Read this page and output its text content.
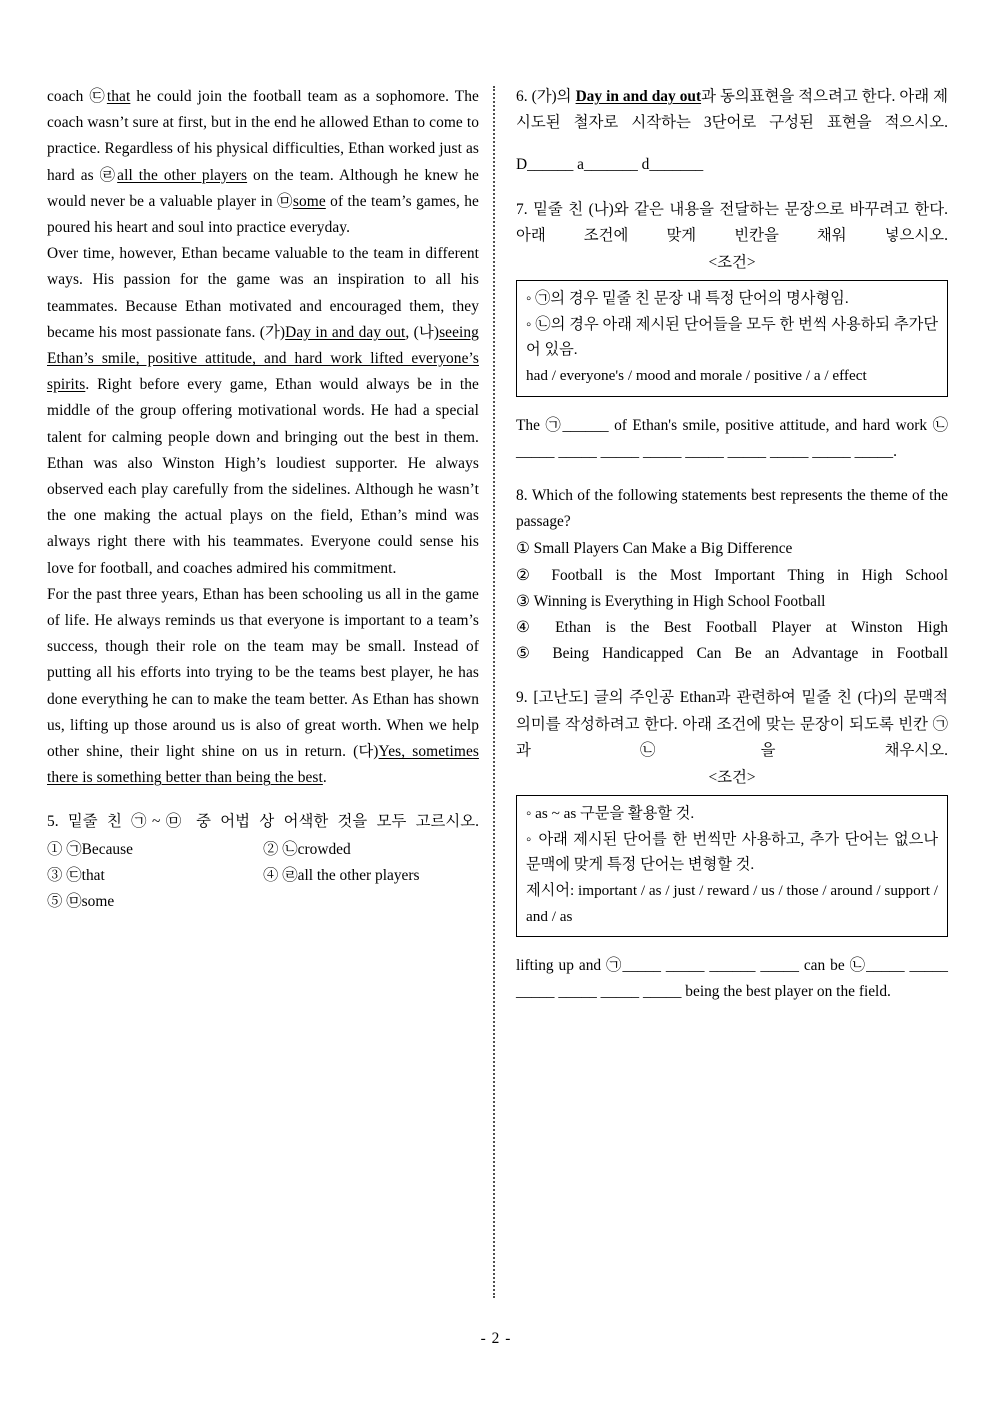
coach ㉢that he could join the football team as a sophomore. The coach wasn’t sure at first, but in the end he allowed Ethan to come to practice. Regardless of his physical difficulties, Ethan worked just as hard as ㉣all the other players on the team. Although he knew he would never be a valuable player in ㉤some of the team’s games, he poured his heart and soul into practice everyday.

Over time, however, Ethan became valuable to the team in different ways. His passion for the game was an inspiration to all his teammates. Because Ethan motivated and encouraged them, they became his most passionate fans. (가)Day in and day out, (나)seeing Ethan’s smile, positive attitude, and hard work lifted everyone’s spirits. Right before every game, Ethan would always be in the middle of the group offering motivational words. He had a special talent for calming people down and bringing out the best in them. Ethan was also Winston High’s loudiest supporter. He always observed each play carefully from the sidelines. Although he wasn’t the one making the actual plays on the field, Ethan’s mind was always right there with his teammates. Everyone could sense his love for football, and coaches admired his commitment.

For the past three years, Ethan has been schooling us all in the game of life. He always reminds us that everyone is important to a team’s success, though their role on the team may be small. Instead of putting all his efforts into trying to be the teams best player, he has done everything he can to make the team better. As Ethan has shown us, lifting up those around us is also of great worth. When we help other shine, their light shine on us in return. (다)Yes, sometimes there is something better than being the best.

5. 밑줄 친 ㉠~㉤ 중 어법 상 어색한 것을 모두 고르시오.
① ㉠Because	② ㉡crowded
③ ㉢that	④ ㉣all the other players
⑤ ㉤some
6. (가)의 Day in and day out과 동의표현을 적으려고 한다. 아래 제시도된 철자로 시작하는 3단어로 구성된 표현을 적으시오.
D______ a_______ d_______
7. 밑줄 친 (나)와 같은 내용을 전달하는 문장으로 바꾸려고 한다. 아래 조건에 맞게 빈칸을 채워 넣으시오.
<조건>
◦ ㉠의 경우 밑줄 친 문장 내 특정 단어의 명사형임.
◦ ㉡의 경우 아래 제시된 단어들을 모두 한 번씩 사용하되 추가단어 있음.
had / everyone's / mood and morale / positive / a / effect
The ㉠______ of Ethan's smile, positive attitude, and hard work ㉡_____ _____ _____ _____ _____ _____ _____ _____ _____.
8. Which of the following statements best represents the theme of the passage?
① Small Players Can Make a Big Difference
② Football is the Most Important Thing in High School
③ Winning is Everything in High School Football
④ Ethan is the Best Football Player at Winston High
⑤ Being Handicapped Can Be an Advantage in Football
9. [고난도] 글의 주인공 Ethan과 관련하여 밑줄 친 (다)의 문맥적 의미를 작성하려고 한다. 아래 조건에 맞는 문장이 되도록 빈칸 ㉠과 ㉡을 채우시오.
<조건>
◦ as ~ as 구문을 활용할 것.
◦ 아래 제시된 단어를 한 번씩만 사용하고, 추가 단어는 없으나 문맥에 맞게 특정 단어는 변형할 것.
제시어: important / as / just / reward / us / those / around / support / and / as
lifting up and ㉠_____ _____ ______ _____ can be ㉡_____ _____ _____ _____ _____ _____ being the best player on the field.
- 2 -
